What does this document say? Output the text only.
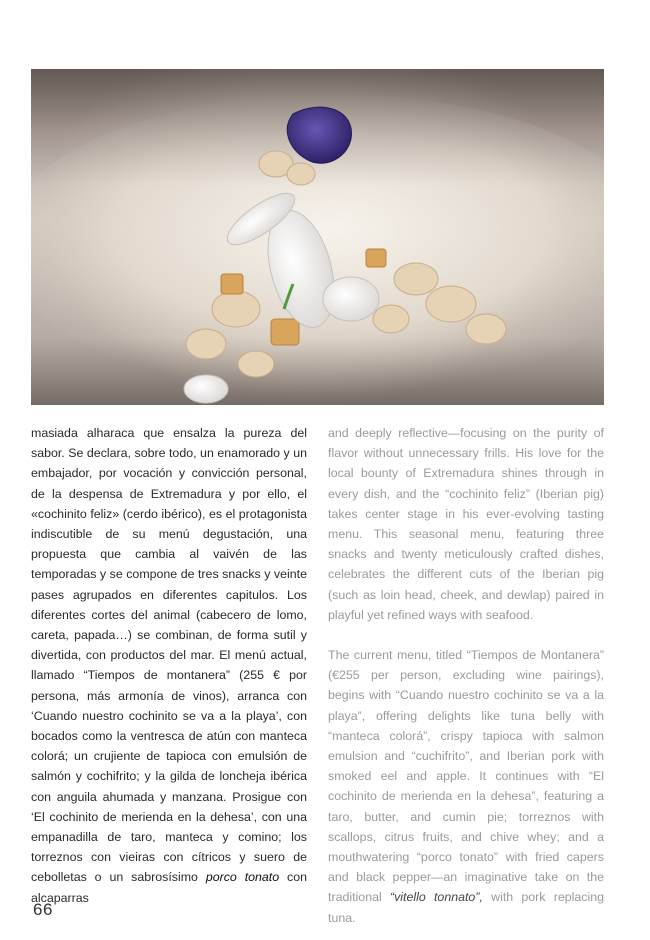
masiada alharaca que ensalza la pureza del sabor. Se declara, sobre todo, un enamorado y un embajador, por vocación y convicción personal, de la despensa de Extremadura y por ello, el «cochinito feliz» (cerdo ibérico), es el protagonista indiscutible de su menú degustación, una propuesta que cambia al vaivén de las temporadas y se compone de tres snacks y veinte pases agrupados en diferentes capitulos. Los diferentes cortes del animal (cabecero de lomo, careta, papada…) se combinan, de forma sutil y divertida, con productos del mar. El menú actual, llamado “Tiempos de montanera” (255 € por persona, más armonía de vinos), arranca con ‘Cuando nuestro cochinito se va a la playa’, con bocados como la ventresca de atún con manteca colorá; un crujiente de tapioca con emulsión de salmón y cochifrito; y la gilda de loncheja ibérica con anguila ahumada y manzana. Prosigue con ‘El cochinito de merienda en la dehesa’, con una empanadilla de taro, manteca y comino; los torreznos con vieiras con cítricos y suero de cebolletas o un sabrosísimo porco tonato con alcaparras

and deeply reflective—focusing on the purity of flavor without unnecessary frills. His love for the local bounty of Extremadura shines through in every dish, and the “cochinito feliz” (Iberian pig) takes center stage in his ever-evolving tasting menu. This seasonal menu, featuring three snacks and twenty meticulously crafted dishes, celebrates the different cuts of the Iberian pig (such as loin head, cheek, and dewlap) paired in playful yet refined ways with seafood.

The current menu, titled “Tiempos de Montanera” (€255 per person, excluding wine pairings), begins with “Cuando nuestro cochinito se va a la playa”, offering delights like tuna belly with “manteca colorá”, crispy tapioca with salmon emulsion and “cuchifrito”, and Iberian pork with smoked eel and apple. It continues with “El cochinito de merienda en la dehesa”, featuring a taro, butter, and cumin pie; torreznos with scallops, citrus fruits, and chive whey; and a mouthwatering “porco tonato” with fried capers and black pepper—an imaginative take on the traditional “vitello tonnato”, with pork replacing tuna.

66
